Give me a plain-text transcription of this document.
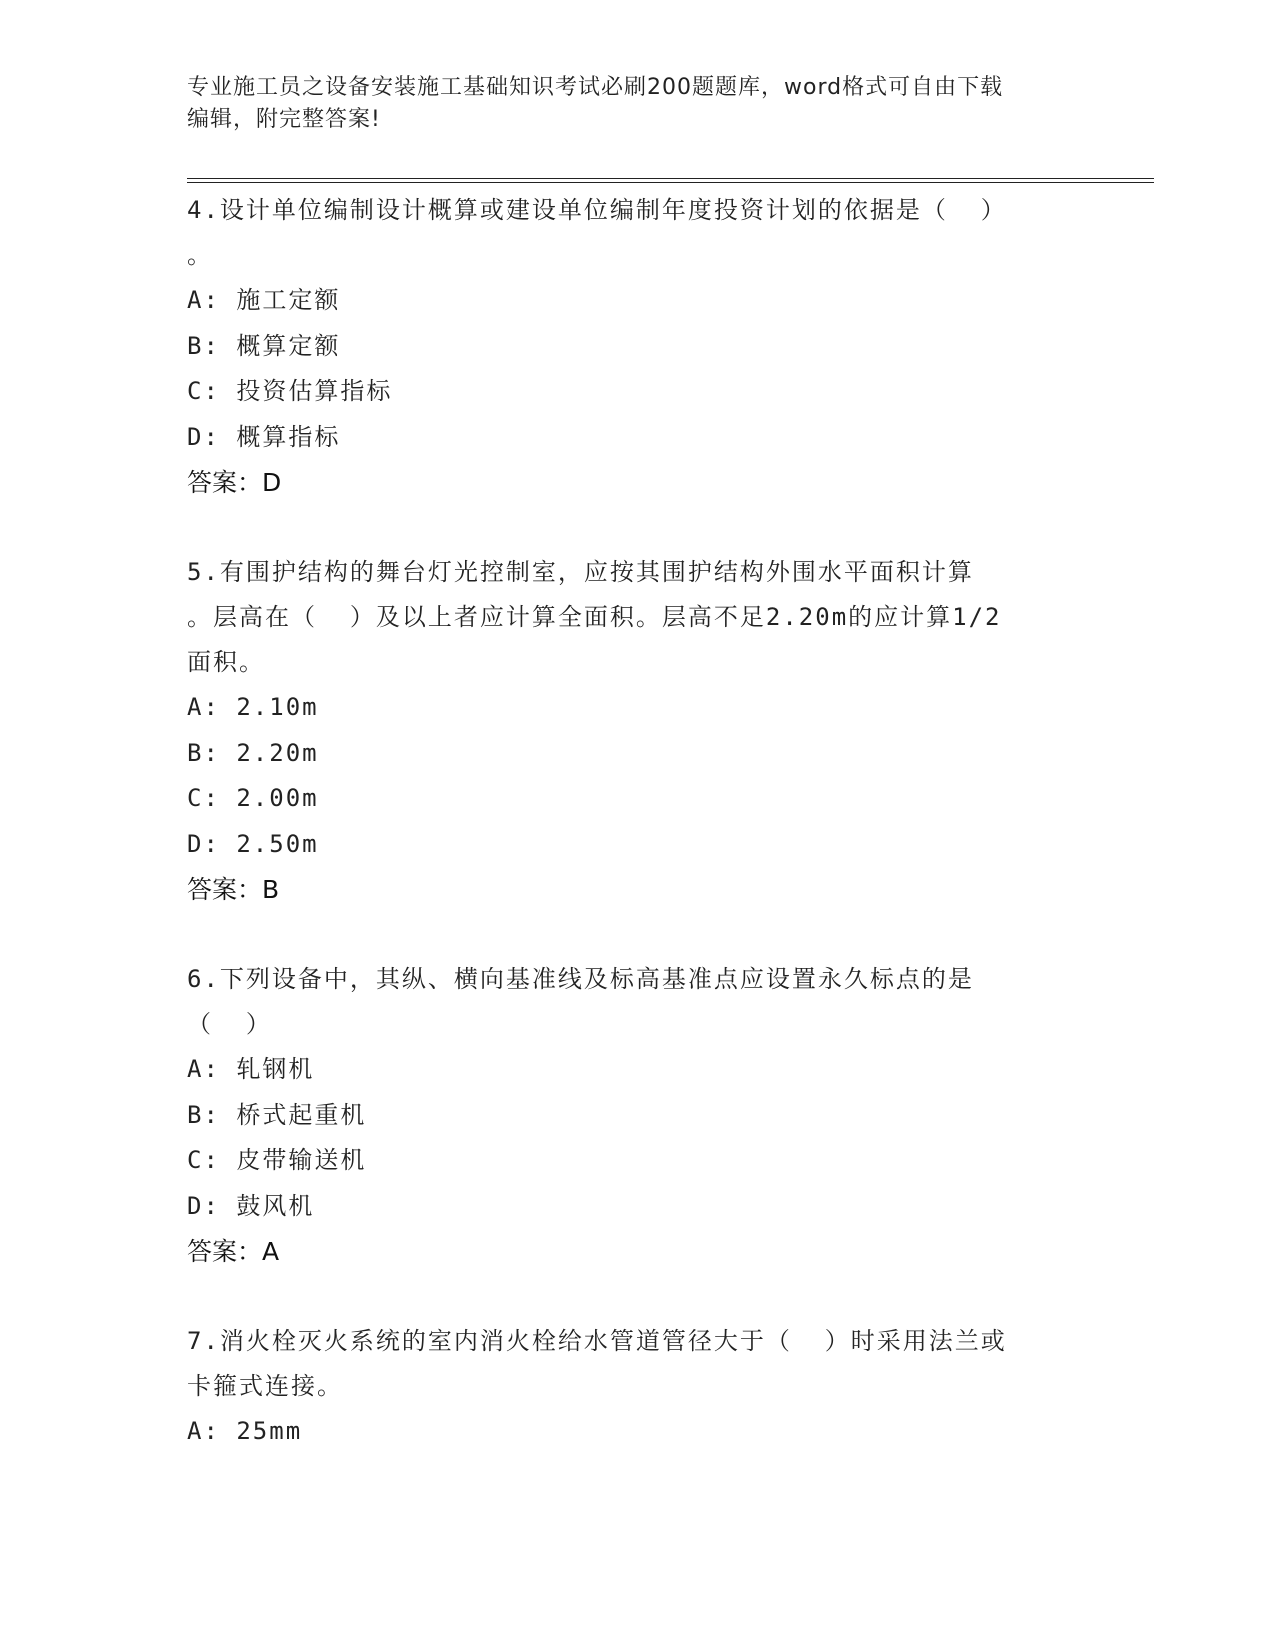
专业施工员之设备安装施工基础知识考试必刷200题题库，word格式可自由下载
编辑，附完整答案!

4.设计单位编制设计概算或建设单位编制年度投资计划的依据是（  ）

。

A: 施工定额

B: 概算定额

C: 投资估算指标

D: 概算指标

答案：D

5.有围护结构的舞台灯光控制室，应按其围护结构外围水平面积计算

。层高在（  ）及以上者应计算全面积。层高不足2.20m的应计算1/2

面积。

A: 2.10m

B: 2.20m

C: 2.00m

D: 2.50m

答案：B

6.下列设备中，其纵、横向基准线及标高基准点应设置永久标点的是

（  ）

A: 轧钢机

B: 桥式起重机

C: 皮带输送机

D: 鼓风机

答案：A

7.消火栓灭火系统的室内消火栓给水管道管径大于（  ）时采用法兰或

卡箍式连接。

A: 25mm
